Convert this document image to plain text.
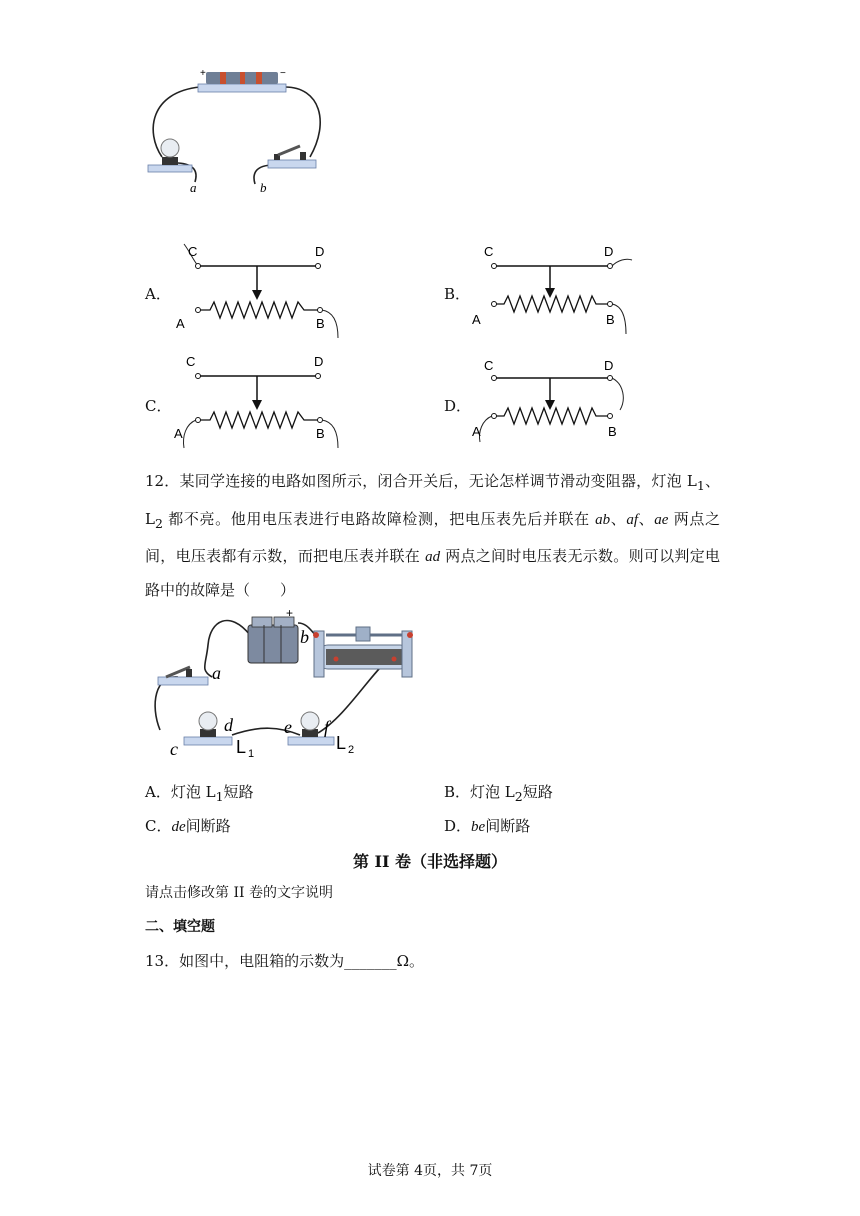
+	−
a	b
A．
C	D
A	B
B．
C	D
A	B
C．
C	D
A	B
D．
C	D
A	B
12．某同学连接的电路如图所示，闭合开关后，无论怎样调节滑动变阻器，灯泡 $L_1$、$L_2$ 都不亮。他用电压表进行电路故障检测，把电压表先后并联在 ab、af、ae 两点之间，电压表都有示数，而把电压表并联在 ad 两点之间时电压表无示数。则可以判定电路中的故障是（　　）
+
a
b
c
d	e f
L 1
L 2
A．灯泡 $L_1$短路	B．灯泡 $L_2$短路
C．de间断路	D．be间断路
第 II 卷（非选择题）
请点击修改第 II 卷的文字说明
二、填空题
13．如图中，电阻箱的示数为_______Ω。
试卷第 4页，共 7页
